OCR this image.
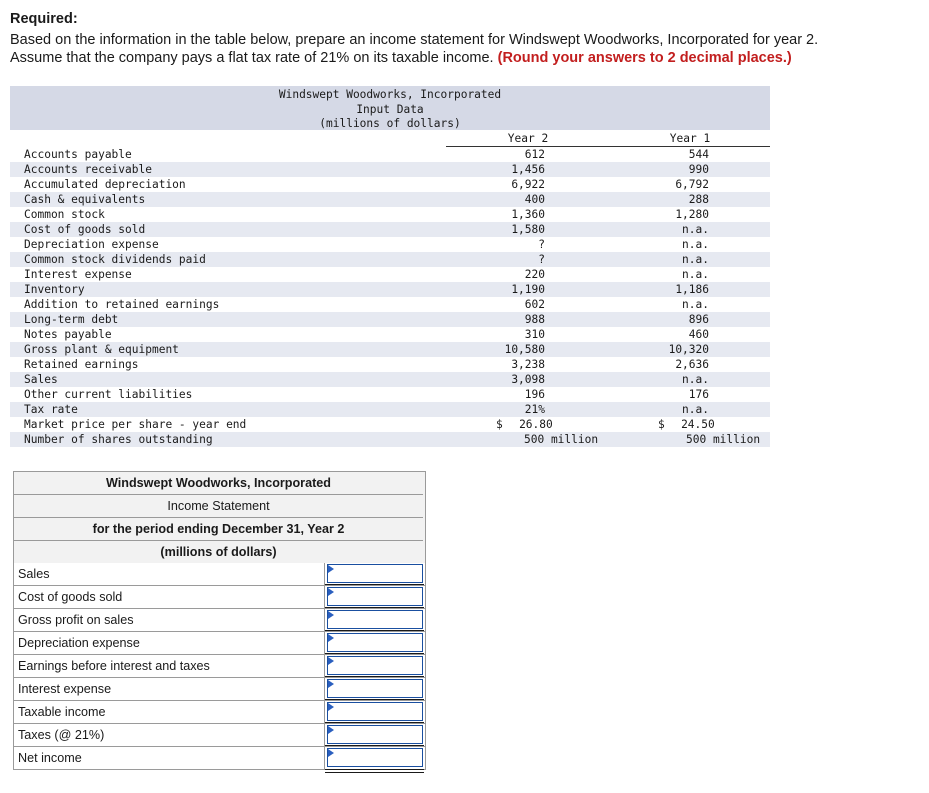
Required:
Based on the information in the table below, prepare an income statement for Windswept Woodworks, Incorporated for year 2.
Assume that the company pays a flat tax rate of 21% on its taxable income. (Round your answers to 2 decimal places.)
Windswept Woodworks, Incorporated
Input Data
(millions of dollars)
Year 2	Year 1
Accounts payable	612	544
Accounts receivable	1,456	990
Accumulated depreciation	6,922	6,792
Cash & equivalents	400	288
Common stock	1,360	1,280
Cost of goods sold	1,580	n.a.
Depreciation expense	?	n.a.
Common stock dividends paid	?	n.a.
Interest expense	220	n.a.
Inventory	1,190	1,186
Addition to retained earnings	602	n.a.
Long-term debt	988	896
Notes payable	310	460
Gross plant & equipment	10,580	10,320
Retained earnings	3,238	2,636
Sales	3,098	n.a.
Other current liabilities	196	176
Tax rate	21%	n.a.
Market price per share - year end	$ 26.80	$ 24.50
Number of shares outstanding	500 million	500 million
Windswept Woodworks, Incorporated
Income Statement
for the period ending December 31, Year 2
(millions of dollars)
Sales
Cost of goods sold
Gross profit on sales
Depreciation expense
Earnings before interest and taxes
Interest expense
Taxable income
Taxes (@ 21%)
Net income
